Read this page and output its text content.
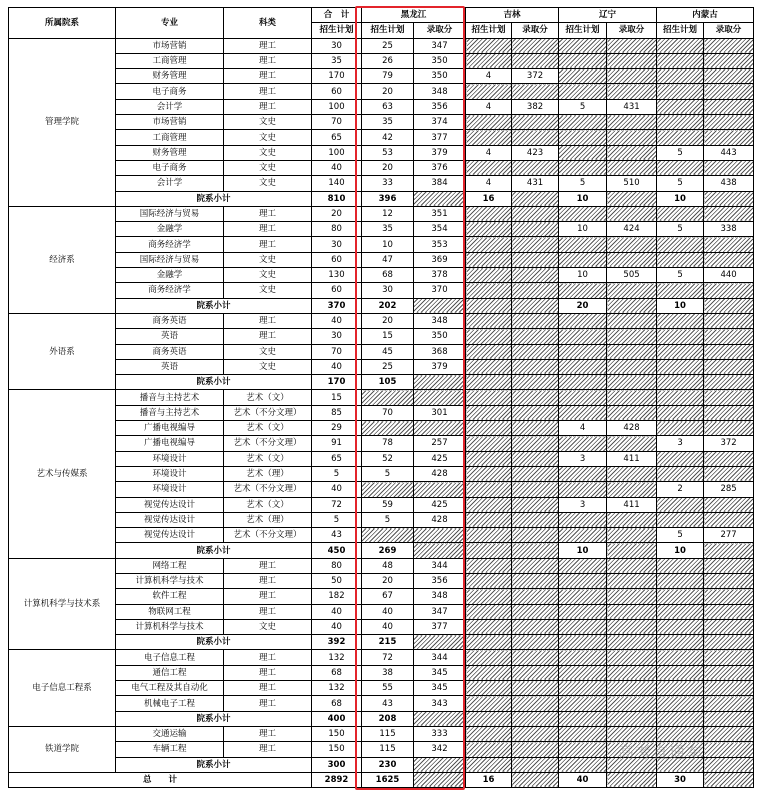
所属院系	专业	科类	合　计	黑龙江		吉林		辽宁		内蒙古	
			招生计划	招生计划	录取分	招生计划	录取分	招生计划	录取分	招生计划	录取分
管理学院	市场营销	理工	30	25	347						
	工商管理	理工	35	26	350						
	财务管理	理工	170	79	350	4	372				
	电子商务	理工	60	20	348						
	会计学	理工	100	63	356	4	382	5	431		
	市场营销	文史	70	35	374						
	工商管理	文史	65	42	377						
	财务管理	文史	100	53	379	4	423			5	443
	电子商务	文史	40	20	376						
	会计学	文史	140	33	384	4	431	5	510	5	438
	院系小计		810	396		16		10		10	
经济系	国际经济与贸易	理工	20	12	351						
	金融学	理工	80	35	354			10	424	5	338
	商务经济学	理工	30	10	353						
	国际经济与贸易	文史	60	47	369						
	金融学	文史	130	68	378			10	505	5	440
	商务经济学	文史	60	30	370						
	院系小计		370	202				20		10	
外语系	商务英语	理工	40	20	348						
	英语	理工	30	15	350						
	商务英语	文史	70	45	368						
	英语	文史	40	25	379						
	院系小计		170	105							
艺术与传媒系	播音与主持艺术	艺术（文）	15								
	播音与主持艺术	艺术（不分文理）	85	70	301						
	广播电视编导	艺术（文）	29					4	428		
	广播电视编导	艺术（不分文理）	91	78	257					3	372
	环境设计	艺术（文）	65	52	425			3	411		
	环境设计	艺术（理）	5	5	428						
	环境设计	艺术（不分文理）	40							2	285
	视觉传达设计	艺术（文）	72	59	425			3	411		
	视觉传达设计	艺术（理）	5	5	428						
	视觉传达设计	艺术（不分文理）	43							5	277
	院系小计		450	269				10		10	
计算机科学与技术系	网络工程	理工	80	48	344						
	计算机科学与技术	理工	50	20	356						
	软件工程	理工	182	67	348						
	物联网工程	理工	40	40	347						
	计算机科学与技术	文史	40	40	377						
	院系小计		392	215							
电子信息工程系	电子信息工程	理工	132	72	344						
	通信工程	理工	68	38	345						
	电气工程及其自动化	理工	132	55	345						
	机械电子工程	理工	68	43	343						
	院系小计		400	208							
铁道学院	交通运输	理工	150	115	333						
	车辆工程	理工	150	115	342						
	院系小计		300	230							
总　　计			2892	1625		16		40		30	
高考直通车
